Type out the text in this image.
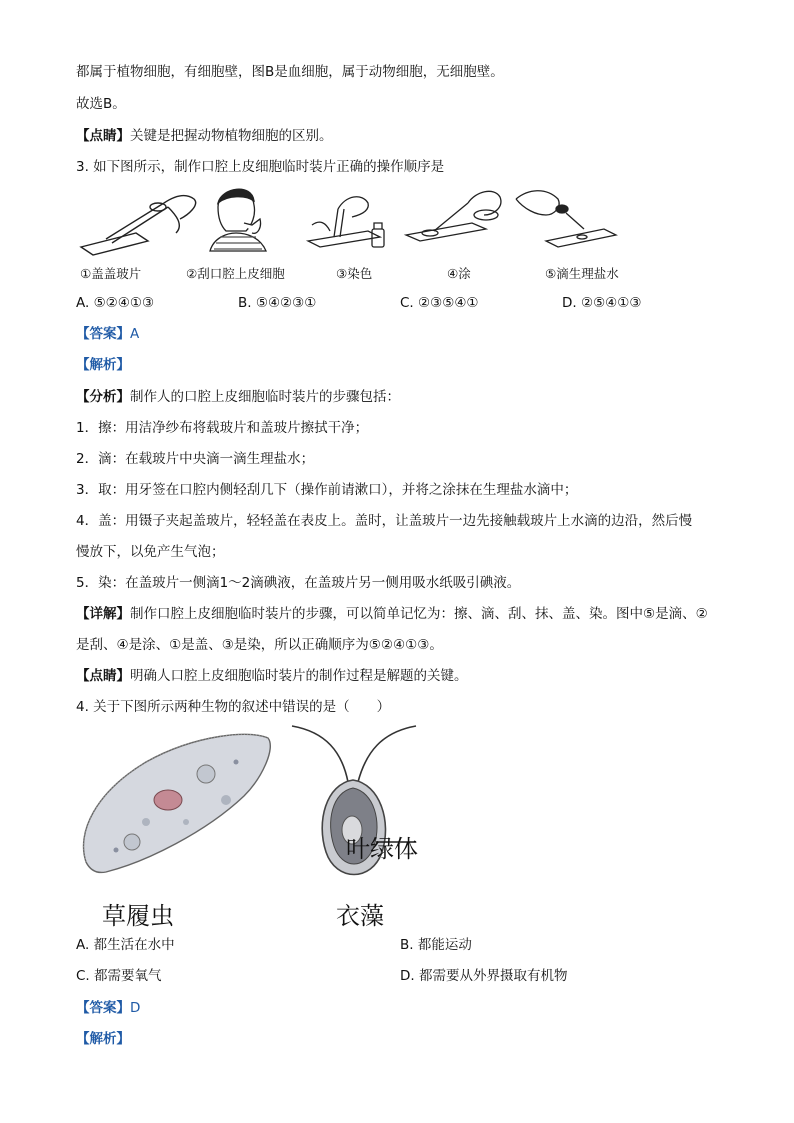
都属于植物细胞，有细胞壁，图B是血细胞，属于动物细胞，无细胞壁。
故选B。
【点睛】关键是把握动物植物细胞的区别。
3. 如下图所示，制作口腔上皮细胞临时装片正确的操作顺序是
①盖盖玻片	②刮口腔上皮细胞	③染色	④涂	⑤滴生理盐水
A. ⑤②④①③	B. ⑤④②③①	C. ②③⑤④①	D. ②⑤④①③
【答案】A
【解析】
【分析】制作人的口腔上皮细胞临时装片的步骤包括：
1．擦：用洁净纱布将载玻片和盖玻片擦拭干净；
2．滴：在载玻片中央滴一滴生理盐水；
3．取：用牙签在口腔内侧轻刮几下（操作前请漱口），并将之涂抹在生理盐水滴中；
4．盖：用镊子夹起盖玻片，轻轻盖在表皮上。盖时，让盖玻片一边先接触载玻片上水滴的边沿，然后慢
慢放下，以免产生气泡；
5．染：在盖玻片一侧滴1～2滴碘液，在盖玻片另一侧用吸水纸吸引碘液。
【详解】制作口腔上皮细胞临时装片的步骤，可以简单记忆为：擦、滴、刮、抹、盖、染。图中⑤是滴、②
是刮、④是涂、①是盖、③是染，所以正确顺序为⑤②④①③。
【点睛】明确人口腔上皮细胞临时装片的制作过程是解题的关键。
4. 关于下图所示两种生物的叙述中错误的是（　　）
叶绿体
草履虫	衣藻
A. 都生活在水中	B. 都能运动
C. 都需要氧气	D. 都需要从外界摄取有机物
【答案】D
【解析】
